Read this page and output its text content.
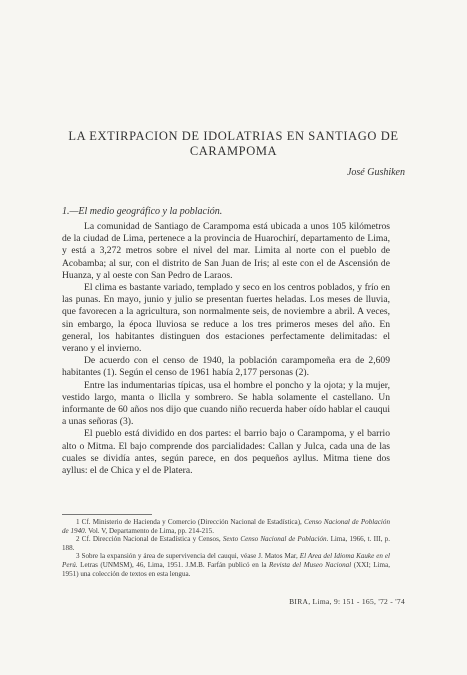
LA EXTIRPACION DE IDOLATRIAS EN SANTIAGO DE CARAMPOMA
José Gushiken
1.—El medio geográfico y la población.

La comunidad de Santiago de Carampoma está ubicada a unos 105 kilómetros de la ciudad de Lima, pertenece a la provincia de Huarochirí, departamento de Lima, y está a 3,272 metros sobre el nivel del mar. Limita al norte con el pueblo de Acobamba; al sur, con el distrito de San Juan de Iris; al este con el de Ascensión de Huanza, y al oeste con San Pedro de Laraos.

El clima es bastante variado, templado y seco en los centros poblados, y frío en las punas. En mayo, junio y julio se presentan fuertes heladas. Los meses de lluvia, que favorecen a la agricultura, son normalmente seis, de noviembre a abril. A veces, sin embargo, la época lluviosa se reduce a los tres primeros meses del año. En general, los habitantes distinguen dos estaciones perfectamente delimitadas: el verano y el invierno.

De acuerdo con el censo de 1940, la población carampomeña era de 2,609 habitantes (1). Según el censo de 1961 había 2,177 personas (2).

Entre las indumentarias típicas, usa el hombre el poncho y la ojota; y la mujer, vestido largo, manta o lliclla y sombrero. Se habla solamente el castellano. Un informante de 60 años nos dijo que cuando niño recuerda haber oído hablar el cauqui a unas señoras (3).

El pueblo está dividido en dos partes: el barrio bajo o Carampoma, y el barrio alto o Mitma. El bajo comprende dos parcialidades: Callan y Julca, cada una de las cuales se dividía antes, según parece, en dos pequeños ayllus. Mitma tiene dos ayllus: el de Chica y el de Platera.

1 Cf. Ministerio de Hacienda y Comercio (Dirección Nacional de Estadística), Censo Nacional de Población de 1940. Vol. V, Departamento de Lima, pp. 214-215.

2 Cf. Dirección Nacional de Estadística y Censos, Sexto Censo Nacional de Población. Lima, 1966, t. III, p. 188.

3 Sobre la expansión y área de supervivencia del cauqui, véase J. Matos Mar, El Area del Idioma Kauke en el Perú. Letras (UNMSM), 46, Lima, 1951. J.M.B. Farfán publicó en la Revista del Museo Nacional (XXI; Lima, 1951) una colección de textos en esta lengua.

BIRA, Lima, 9: 151 - 165, '72 - '74
